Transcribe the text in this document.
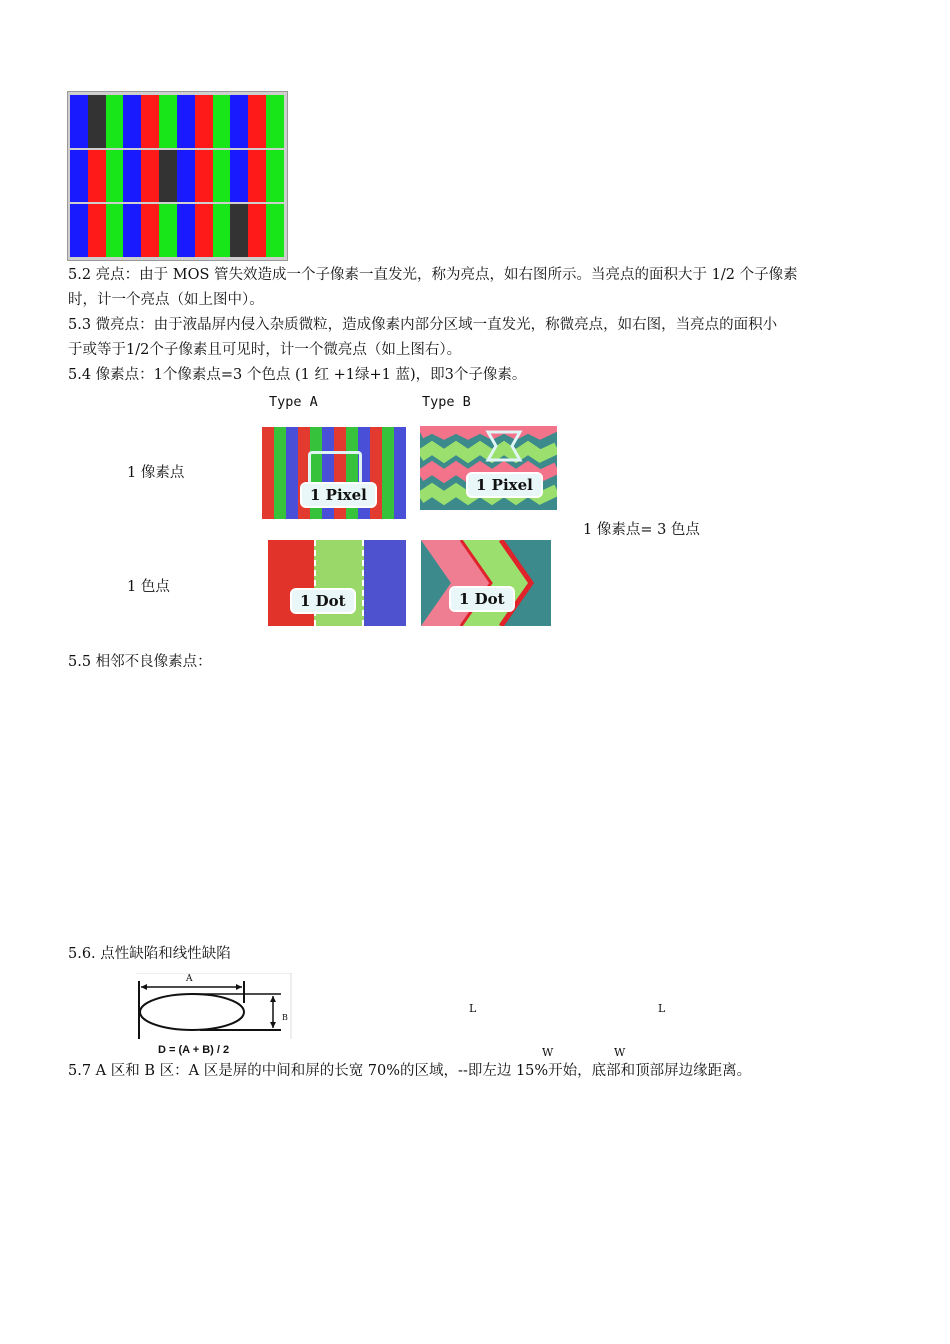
5.2 亮点：由于 MOS 管失效造成一个子像素一直发光，称为亮点，如右图所示。当亮点的面积大于 1/2 个子像素
时，计一个亮点（如上图中）。
5.3 微亮点：由于液晶屏内侵入杂质微粒，造成像素内部分区域一直发光，称微亮点，如右图，当亮点的面积小
于或等于1/2个子像素且可见时，计一个微亮点（如上图右）。
5.4 像素点：1个像素点=3 个色点 (1 红 +1绿+1 蓝)，即3个子像素。
Type A	Type B
1 像素点
1 色点
1 像素点= 3 色点
1 Pixel
1 Pixel
1 Dot	1 Dot
5.5 相邻不良像素点：
5.6. 点性缺陷和线性缺陷
A
B
D = (A + B) / 2
L	L
W	W
5.7 A 区和 B 区：A 区是屏的中间和屏的长宽 70%的区域，--即左边 15%开始，底部和顶部屏边缘距离。
